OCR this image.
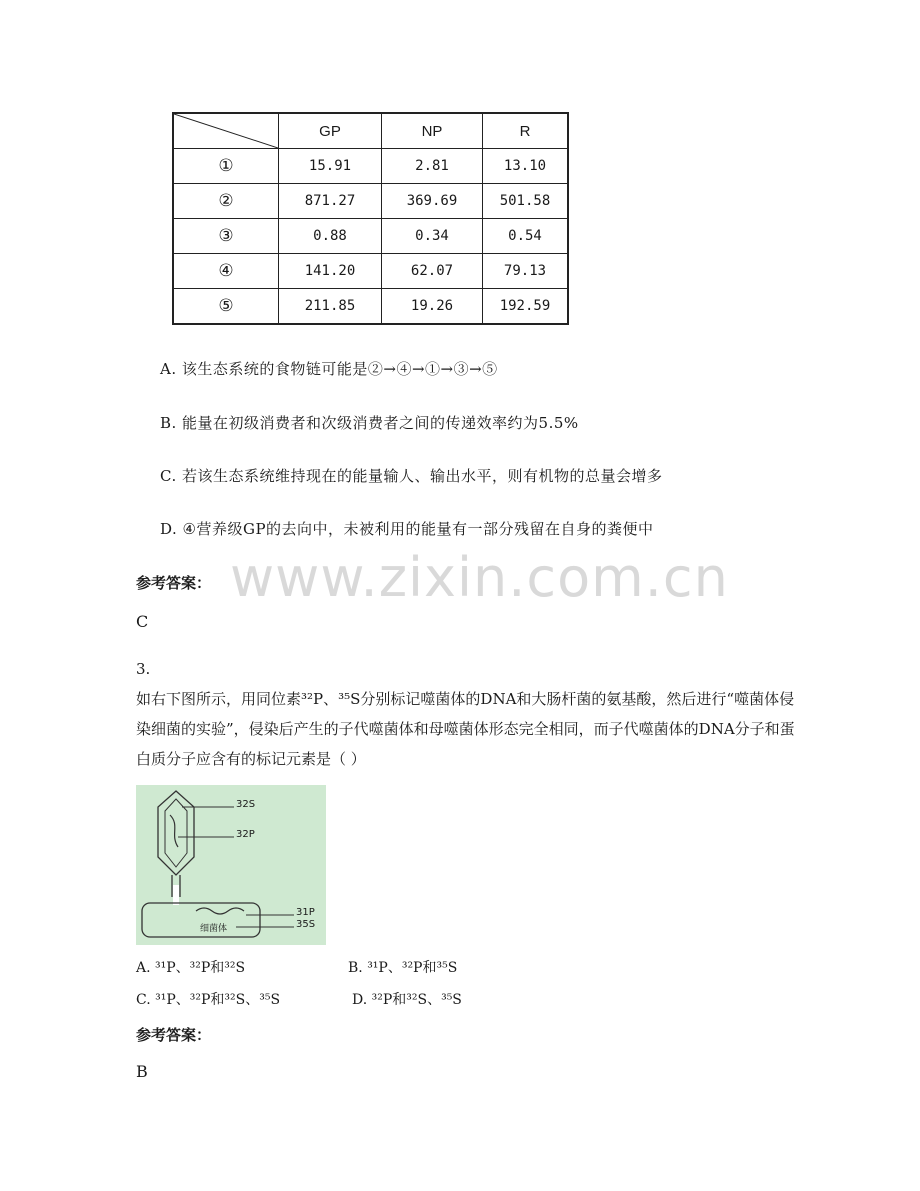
	GP	NP	R
①	15.91	2.81	13.10
②	871.27	369.69	501.58
③	0.88	0.34	0.54
④	141.20	62.07	79.13
⑤	211.85	19.26	192.59
A. 该生态系统的食物链可能是②→④→①→③→⑤
B. 能量在初级消费者和次级消费者之间的传递效率约为5.5%
C. 若该生态系统维持现在的能量输人、输出水平，则有机物的总量会增多
D. ④营养级GP的去向中，未被利用的能量有一部分残留在自身的粪便中
www.zixin.com.cn
参考答案：
C
3.
如右下图所示，用同位素³²P、³⁵S分别标记噬菌体的DNA和大肠杆菌的氨基酸，然后进行“噬菌体侵染细菌的实验”，侵染后产生的子代噬菌体和母噬菌体形态完全相同，而子代噬菌体的DNA分子和蛋白质分子应含有的标记元素是（ ）
32S
32P
31P
35S
细菌体
A. ³¹P、³²P和³²S	B. ³¹P、³²P和³⁵S
C. ³¹P、³²P和³²S、³⁵S	D. ³²P和³²S、³⁵S
参考答案：
B
